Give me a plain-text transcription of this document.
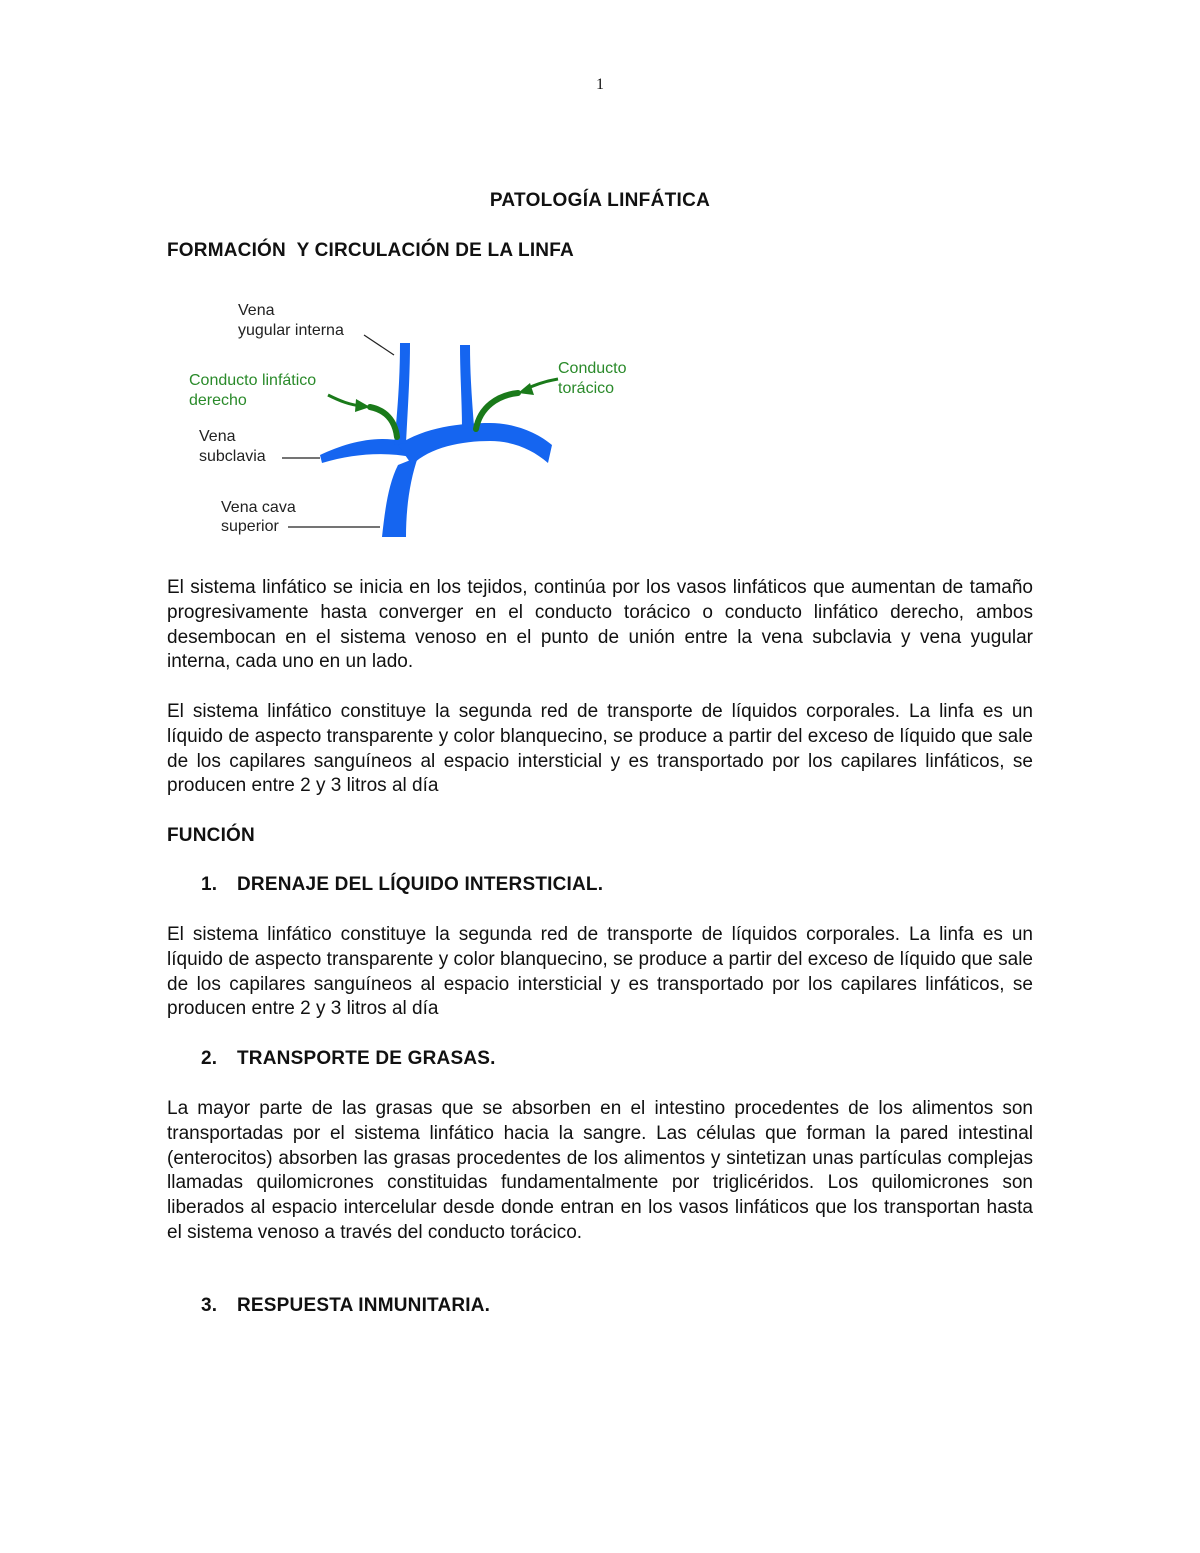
1
PATOLOGÍA LINFÁTICA
FORMACIÓN  Y CIRCULACIÓN DE LA LINFA
Vena
yugular interna
Conducto linfático
derecho
Vena
subclavia
Vena cava
superior
Conducto
torácico

El sistema linfático se inicia en los tejidos, continúa por los vasos linfáticos que aumentan de tamaño progresivamente hasta converger en el conducto torácico o conducto linfático derecho, ambos desembocan en el sistema venoso en el punto de unión entre la vena subclavia y vena yugular interna, cada uno en un lado.

El sistema linfático constituye la segunda red de transporte de líquidos corporales. La linfa es un líquido de aspecto transparente y color blanquecino, se produce a partir del exceso de líquido que sale de los capilares sanguíneos al espacio intersticial y es transportado por los capilares linfáticos, se producen entre 2 y 3 litros al día

FUNCIÓN
1. DRENAJE DEL LÍQUIDO INTERSTICIAL.

El sistema linfático constituye la segunda red de transporte de líquidos corporales. La linfa es un líquido de aspecto transparente y color blanquecino, se produce a partir del exceso de líquido que sale de los capilares sanguíneos al espacio intersticial y es transportado por los capilares linfáticos, se producen entre 2 y 3 litros al día

2. TRANSPORTE DE GRASAS.

La mayor parte de las grasas que se absorben en el intestino procedentes de los alimentos son transportadas por el sistema linfático hacia la sangre. Las células que forman la pared intestinal (enterocitos) absorben las grasas procedentes de los alimentos y sintetizan unas partículas complejas llamadas quilomicrones constituidas fundamentalmente por triglicéridos. Los quilomicrones son liberados al espacio intercelular desde donde entran en los vasos linfáticos que los transportan hasta el sistema venoso a través del conducto torácico.

3. RESPUESTA INMUNITARIA.
